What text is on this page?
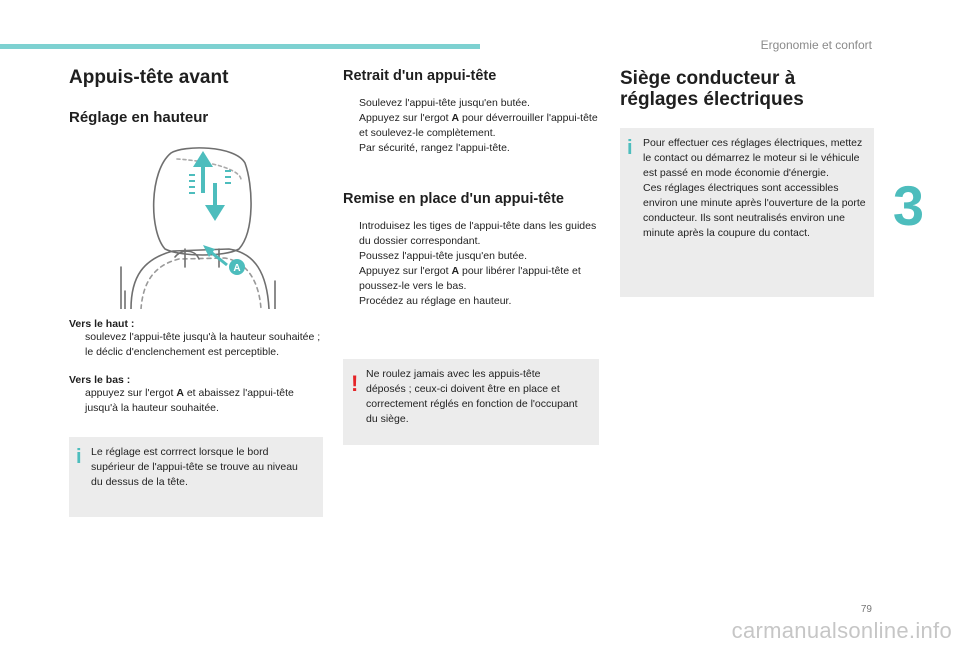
Ergonomie et confort
3
Appuis-tête avant
Réglage en hauteur
A

Vers le haut :

soulevez l'appui-tête jusqu'à la hauteur souhaitée ; le déclic d'enclenchement est perceptible.

Vers le bas :

appuyez sur l'ergot A et abaissez l'appui-tête jusqu'à la hauteur souhaitée.
i Le réglage est corrrect lorsque le bord supérieur de l'appui-tête se trouve au niveau du dessus de la tête.

Retrait d'un appui-tête
Soulevez l'appui-tête jusqu'en butée.
Appuyez sur l'ergot A pour déverrouiller l'appui-tête et soulevez-le complètement.
Par sécurité, rangez l'appui-tête.
Remise en place d'un appui-tête
Introduisez les tiges de l'appui-tête dans les guides du dossier correspondant.
Poussez l'appui-tête jusqu'en butée.
Appuyez sur l'ergot A pour libérer l'appui-tête et poussez-le vers le bas.
Procédez au réglage en hauteur.
! Ne roulez jamais avec les appuis-tête déposés ; ceux-ci doivent être en place et correctement réglés en fonction de l'occupant du siège.

Siège conducteur à
réglages électriques
i Pour effectuer ces réglages électriques, mettez le contact ou démarrez le moteur si le véhicule est passé en mode économie d'énergie.

Ces réglages électriques sont accessibles environ une minute après l'ouverture de la porte conducteur. Ils sont neutralisés environ une minute après la coupure du contact.

79
carmanualsonline.info
